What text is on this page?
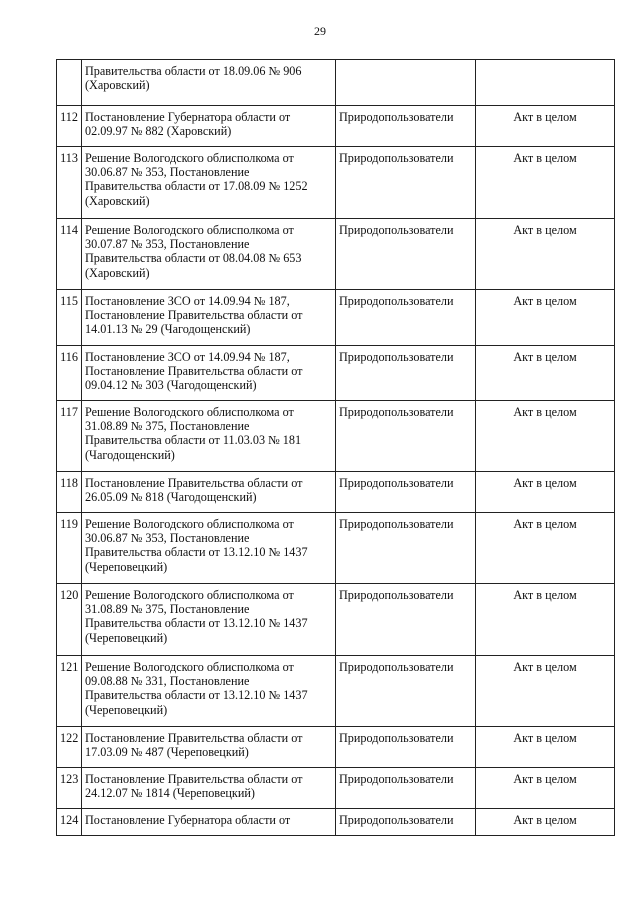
29

	Правительства области от 18.09.06 № 906
(Харовский)		

112	Постановление Губернатора области от
02.09.97 № 882 (Харовский)	Природопользователи	Акт в целом
113	Решение Вологодского облисполкома от
30.06.87 № 353, Постановление
Правительства области от 17.08.09 № 1252
(Харовский)	Природопользователи	Акт в целом
114	Решение Вологодского облисполкома от
30.07.87 № 353, Постановление
Правительства области от 08.04.08 № 653
(Харовский)	Природопользователи	Акт в целом
115	Постановление ЗСО от 14.09.94 № 187,
Постановление Правительства области от
14.01.13 № 29 (Чагодощенский)	Природопользователи	Акт в целом
116	Постановление ЗСО от 14.09.94 № 187,
Постановление Правительства области от
09.04.12 № 303 (Чагодощенский)	Природопользователи	Акт в целом
117	Решение Вологодского облисполкома от
31.08.89 № 375, Постановление
Правительства области от 11.03.03 № 181
(Чагодощенский)	Природопользователи	Акт в целом
118	Постановление Правительства области от
26.05.09 № 818 (Чагодощенский)	Природопользователи	Акт в целом
119	Решение Вологодского облисполкома от
30.06.87 № 353, Постановление
Правительства области от 13.12.10 № 1437
(Череповецкий)	Природопользователи	Акт в целом
120	Решение Вологодского облисполкома от
31.08.89 № 375, Постановление
Правительства области от 13.12.10 № 1437
(Череповецкий)	Природопользователи	Акт в целом
121	Решение Вологодского облисполкома от
09.08.88 № 331, Постановление
Правительства области от 13.12.10 № 1437
(Череповецкий)	Природопользователи	Акт в целом
122	Постановление Правительства области от
17.03.09 № 487 (Череповецкий)	Природопользователи	Акт в целом
123	Постановление Правительства области от
24.12.07 № 1814 (Череповецкий)	Природопользователи	Акт в целом
124	Постановление Губернатора области от	Природопользователи	Акт в целом
